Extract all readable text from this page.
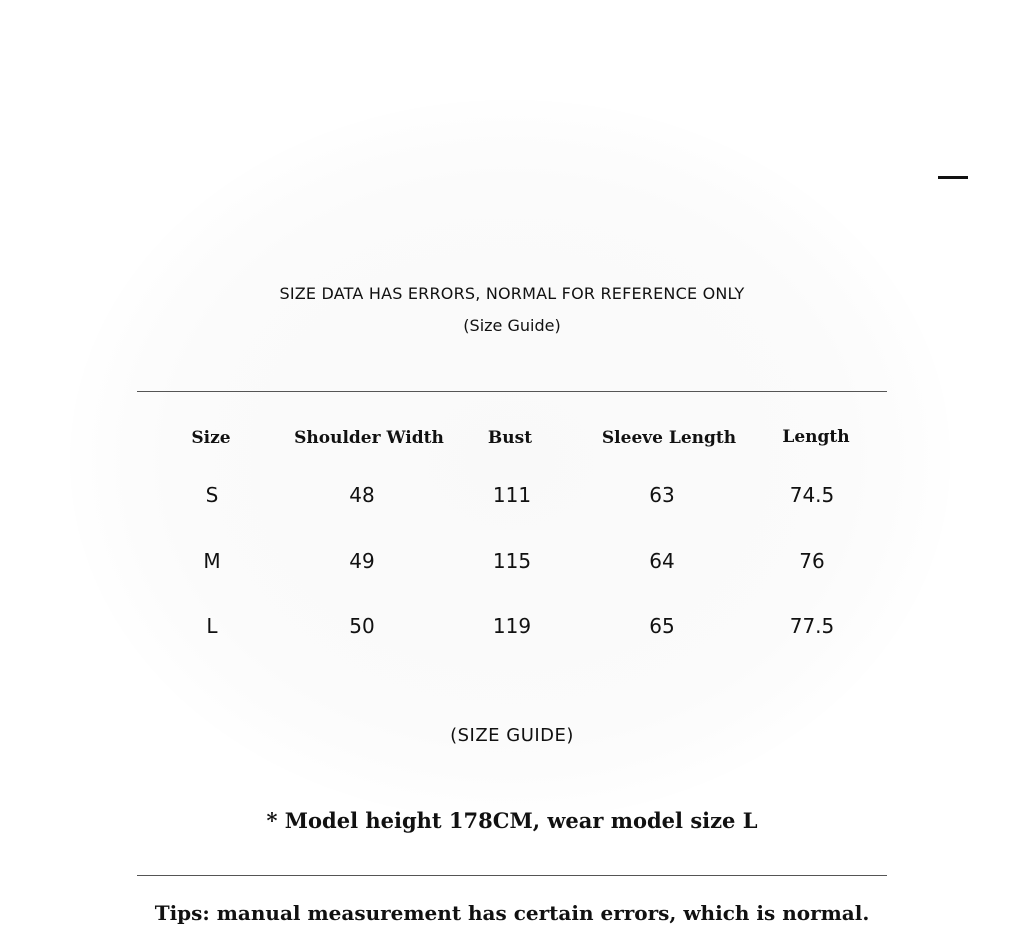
SIZE DATA HAS ERRORS, NORMAL FOR REFERENCE ONLY
(Size Guide)
Size	Shoulder Width	Bust	Sleeve Length	Length
S	48	111	63	74.5
M	49	115	64	76
L	50	119	65	77.5
(SIZE GUIDE)
* Model height 178CM, wear model size L
Tips: manual measurement has certain errors, which is normal.
